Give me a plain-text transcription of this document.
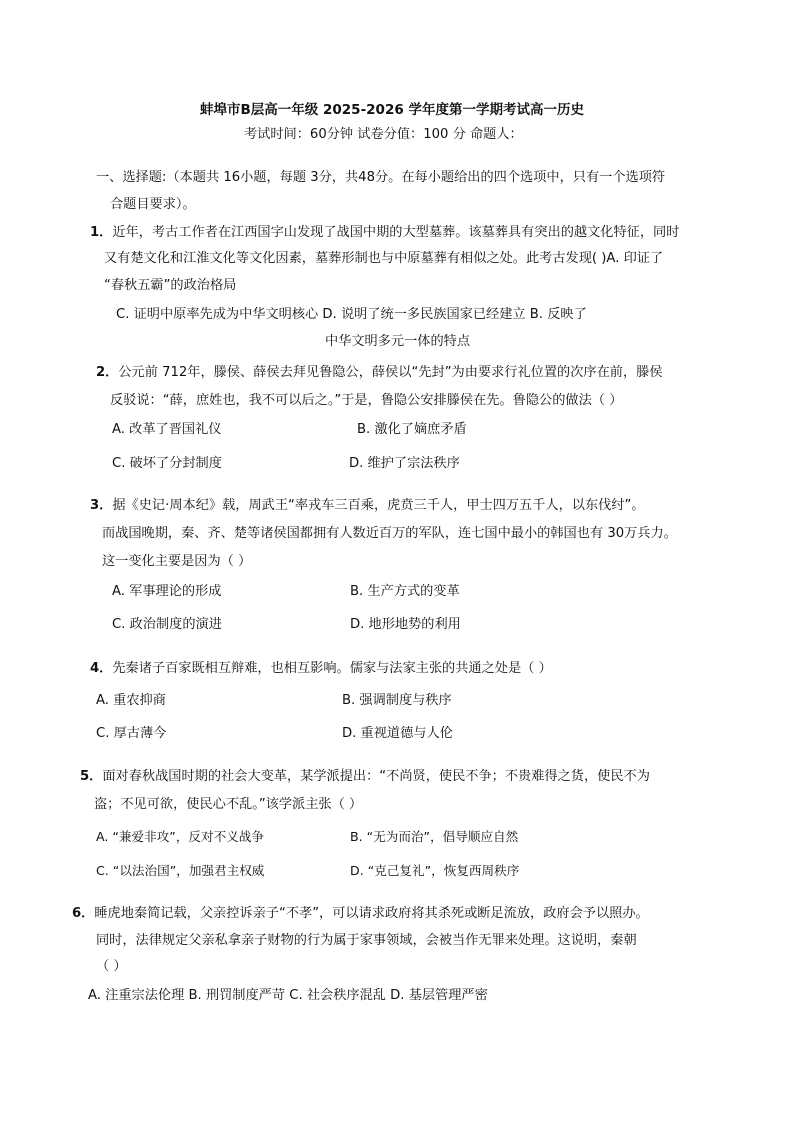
蚌埠市B层高一年级 2025-2026 学年度第一学期考试高一历史
考试时间：60分钟 试卷分值：100 分 命题人：
一、选择题:（本题共 16小题，每题 3分，共48分。在每小题给出的四个选项中，只有一个选项符
合题目要求）。
1．近年，考古工作者在江西国字山发现了战国中期的大型墓葬。该墓葬具有突出的越文化特征，同时
又有楚文化和江淮文化等文化因素，墓葬形制也与中原墓葬有相似之处。此考古发现( )A. 印证了
“春秋五霸”的政治格局
C. 证明中原率先成为中华文明核心 D. 说明了统一多民族国家已经建立 B. 反映了
中华文明多元一体的特点
2．公元前 712年，滕侯、薛侯去拜见鲁隐公，薛侯以“先封”为由要求行礼位置的次序在前，滕侯
反驳说：“薛，庶姓也，我不可以后之。”于是，鲁隐公安排滕侯在先。鲁隐公的做法（ ）
A. 改革了晋国礼仪	B. 激化了嫡庶矛盾
C. 破坏了分封制度	D. 维护了宗法秩序
3．据《史记·周本纪》载，周武王“率戎车三百乘，虎贲三千人，甲士四万五千人，以东伐纣”。
而战国晚期，秦、齐、楚等诸侯国都拥有人数近百万的军队，连七国中最小的韩国也有 30万兵力。
这一变化主要是因为（ ）
A. 军事理论的形成	B. 生产方式的变革
C. 政治制度的演进	D. 地形地势的利用
4．先秦诸子百家既相互辩难，也相互影响。儒家与法家主张的共通之处是（ ）
A. 重农抑商	B. 强调制度与秩序
C. 厚古薄今	D. 重视道德与人伦
5．面对春秋战国时期的社会大变革，某学派提出：“不尚贤，使民不争；不贵难得之货，使民不为
盗；不见可欲，使民心不乱。”该学派主张（ ）
A. “兼爱非攻”，反对不义战争	B. “无为而治”，倡导顺应自然
C. “以法治国”，加强君主权威	D. “克己复礼”，恢复西周秩序
6．睡虎地秦简记载，父亲控诉亲子“不孝”，可以请求政府将其杀死或断足流放，政府会予以照办。
同时，法律规定父亲私拿亲子财物的行为属于家事领域，会被当作无罪来处理。这说明，秦朝
（ ）
A. 注重宗法伦理 B. 刑罚制度严苛 C. 社会秩序混乱 D. 基层管理严密
